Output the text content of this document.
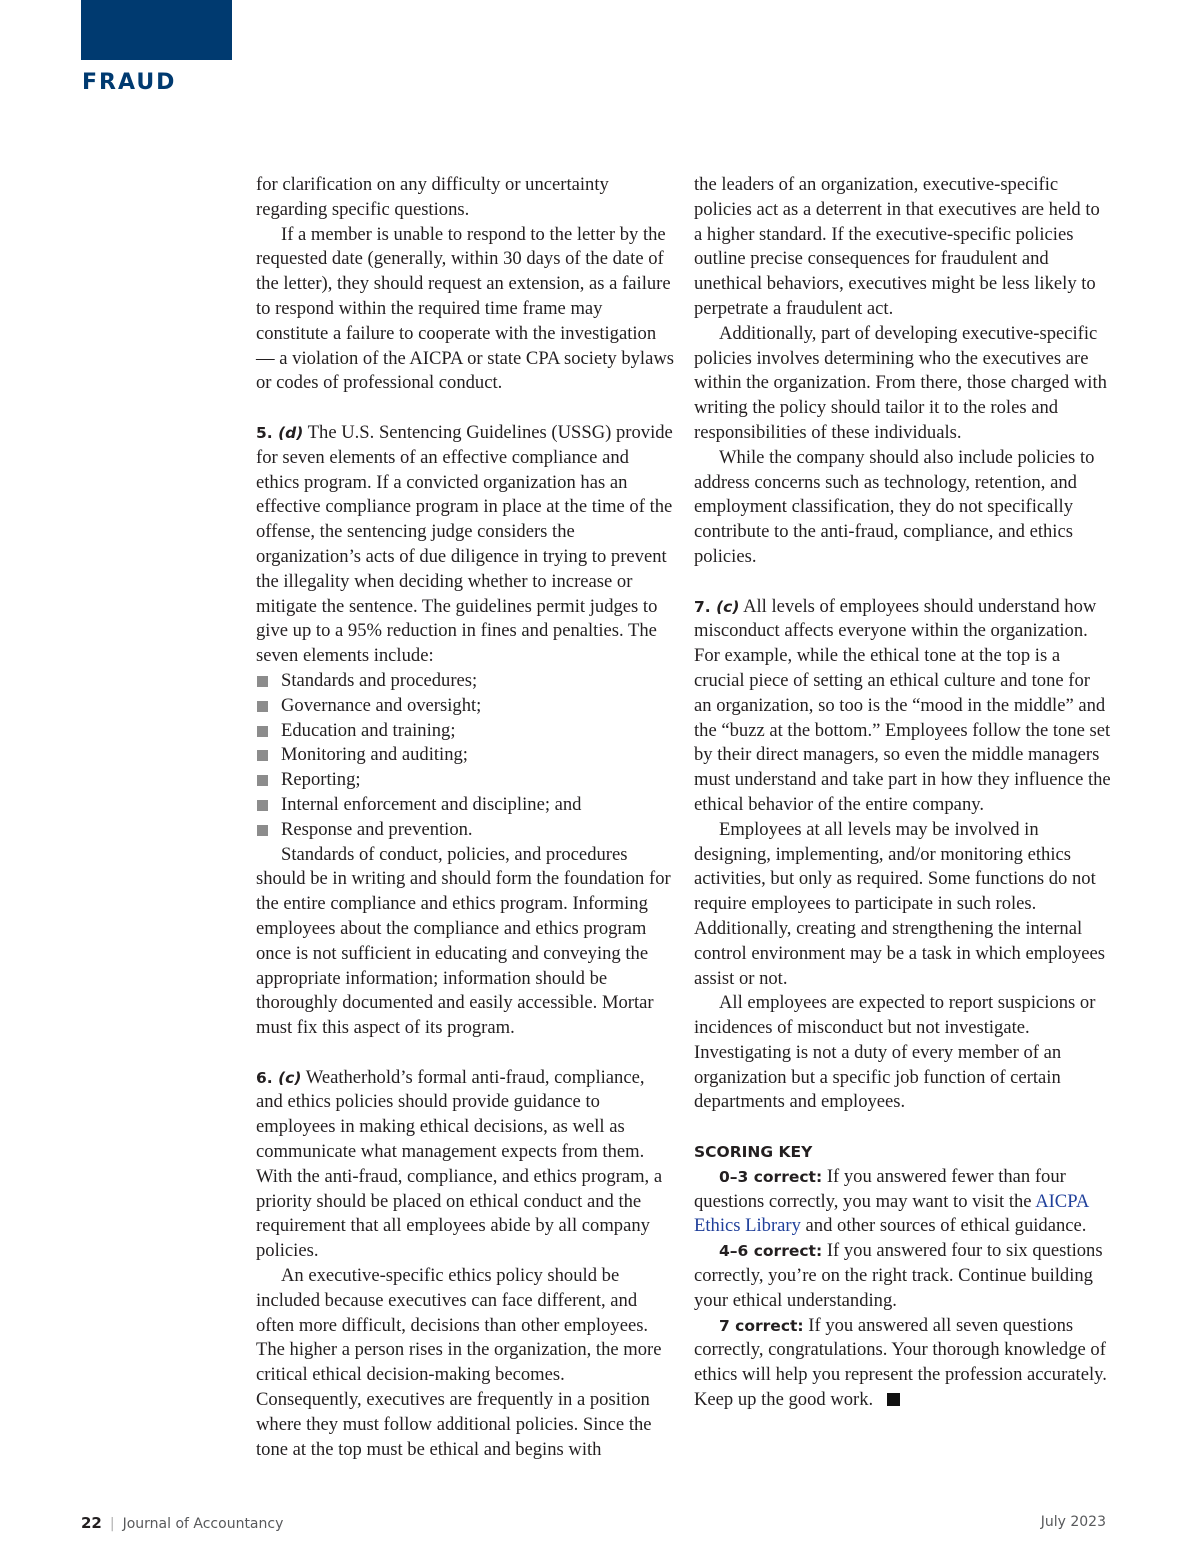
FRAUD

for clarification on any difficulty or uncertainty regarding specific questions.

If a member is unable to respond to the letter by the requested date (generally, within 30 days of the date of the letter), they should request an extension, as a failure to respond within the required time frame may constitute a failure to cooperate with the investigation — a violation of the AICPA or state CPA society bylaws or codes of professional conduct.

5. (d) The U.S. Sentencing Guidelines (USSG) provide for seven elements of an effective compliance and ethics program. If a convicted organization has an effective compliance program in place at the time of the offense, the sentencing judge considers the organization’s acts of due diligence in trying to prevent the illegality when deciding whether to increase or mitigate the sentence. The guidelines permit judges to give up to a 95% reduction in fines and penalties. The seven elements include:

Standards and procedures;
Governance and oversight;
Education and training;
Monitoring and auditing;
Reporting;
Internal enforcement and discipline; and
Response and prevention.

Standards of conduct, policies, and procedures should be in writing and should form the foundation for the entire compliance and ethics program. Informing employees about the compliance and ethics program once is not sufficient in educating and conveying the appropriate information; information should be thoroughly documented and easily accessible. Mortar must fix this aspect of its program.

6. (c) Weatherhold’s formal anti-fraud, compliance, and ethics policies should provide guidance to employees in making ethical decisions, as well as communicate what management expects from them. With the anti-fraud, compliance, and ethics program, a priority should be placed on ethical conduct and the requirement that all employees abide by all company policies.

An executive-specific ethics policy should be included because executives can face different, and often more difficult, decisions than other employees. The higher a person rises in the organization, the more critical ethical decision-making becomes. Consequently, executives are frequently in a position where they must follow additional policies. Since the tone at the top must be ethical and begins with

the leaders of an organization, executive-specific policies act as a deterrent in that executives are held to a higher standard. If the executive-specific policies outline precise consequences for fraudulent and unethical behaviors, executives might be less likely to perpetrate a fraudulent act.

Additionally, part of developing executive-specific policies involves determining who the executives are within the organization. From there, those charged with writing the policy should tailor it to the roles and responsibilities of these individuals.

While the company should also include policies to address concerns such as technology, retention, and employment classification, they do not specifically contribute to the anti-fraud, compliance, and ethics policies.

7. (c) All levels of employees should understand how misconduct affects everyone within the organization. For example, while the ethical tone at the top is a crucial piece of setting an ethical culture and tone for an organization, so too is the “mood in the middle” and the “buzz at the bottom.” Employees follow the tone set by their direct managers, so even the middle managers must understand and take part in how they influence the ethical behavior of the entire company.

Employees at all levels may be involved in designing, implementing, and/or monitoring ethics activities, but only as required. Some functions do not require employees to participate in such roles. Additionally, creating and strengthening the internal control environment may be a task in which employees assist or not.

All employees are expected to report suspicions or incidences of misconduct but not investigate. Investigating is not a duty of every member of an organization but a specific job function of certain departments and employees.

SCORING KEY

0–3 correct: If you answered fewer than four questions correctly, you may want to visit the AICPA Ethics Library and other sources of ethical guidance.

4–6 correct: If you answered four to six questions correctly, you’re on the right track. Continue building your ethical understanding.

7 correct: If you answered all seven questions correctly, congratulations. Your thorough knowledge of ethics will help you represent the profession accurately. Keep up the good work.

22 | Journal of Accountancy	July 2023
